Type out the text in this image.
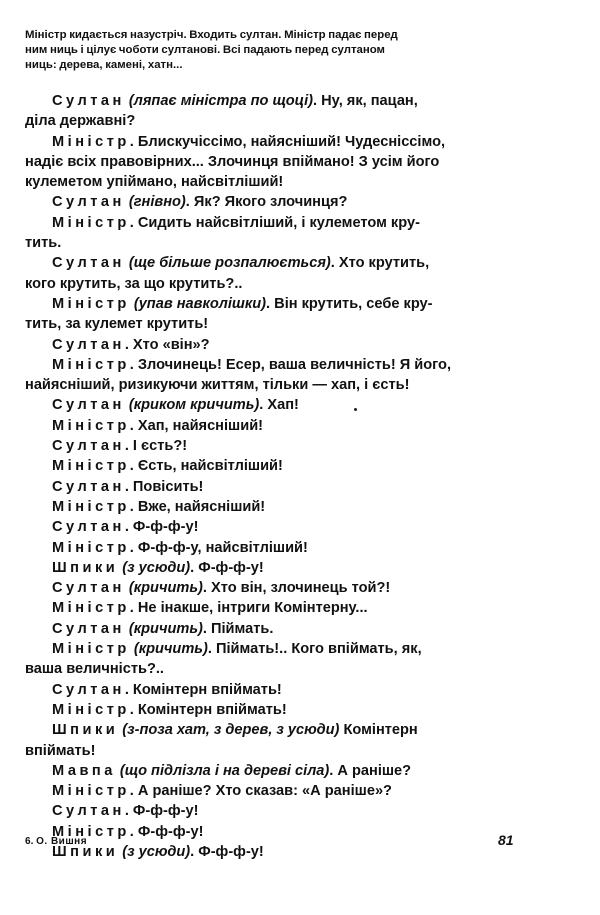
Міністр кидається назустріч. Входить султан. Міністр падає перед
ним ниць і цілує чоботи султанові. Всі падають перед султаном
ниць: дерева, камені, хатн...
Султан (ляпає міністра по щоці). Ну, як, пацан,
діла державні?
Міністр. Блискучіссімо, найясніший! Чудесніссімо,
надіє всіх правовірних... Злочинця впіймано! З усім його
кулеметом упіймано, найсвітліший!
Султан (гнівно). Як? Якого злочинця?
Міністр. Сидить найсвітліший, і кулеметом кру-
тить.
Султан (ще більше розпалюється). Хто крутить,
кого крутить, за що крутить?..
Міністр (упав навколішки). Він крутить, себе кру-
тить, за кулемет крутить!
Султан. Хто «він»?
Міністр. Злочинець! Есер, ваша величність! Я його,
найясніший, ризикуючи життям, тільки — хап, і єсть!
Султан (криком кричить). Хап!
Міністр. Хап, найясніший!
Султан. І єсть?!
Міністр. Єсть, найсвітліший!
Султан. Повісить!
Міністр. Вже, найясніший!
Султан. Ф-ф-ф-у!
Міністр. Ф-ф-ф-у, найсвітліший!
Шпики (з усюди). Ф-ф-ф-у!
Султан (кричить). Хто він, злочинець той?!
Міністр. Не інакше, інтриги Комінтерну...
Султан (кричить). Піймать.
Міністр (кричить). Піймать!.. Кого впіймать, як,
ваша величність?..
Султан. Комінтерн впіймать!
Міністр. Комінтерн впіймать!
Шпики (з-поза хат, з дерев, з усюди) Комінтерн
впіймать!
Мавпа (що підлізла і на дереві сіла). А раніше?
Міністр. А раніше? Хто сказав: «А раніше»?
Султан. Ф-ф-ф-у!
Міністр. Ф-ф-ф-у!
Шпики (з усюди). Ф-ф-ф-у!
6. О. Вишня	81
